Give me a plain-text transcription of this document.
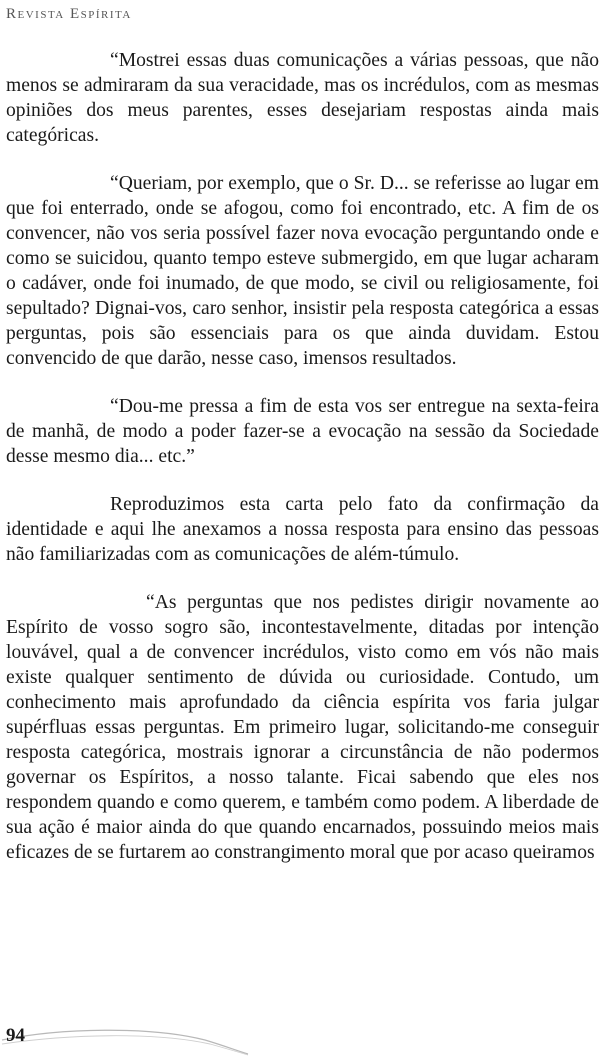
Revista Espírita

“Mostrei essas duas comunicações a várias pessoas, que não menos se admiraram da sua veracidade, mas os incrédulos, com as mesmas opiniões dos meus parentes, esses desejariam respostas ainda mais categóricas.

“Queriam, por exemplo, que o Sr. D... se referisse ao lugar em que foi enterrado, onde se afogou, como foi encontrado, etc. A fim de os convencer, não vos seria possível fazer nova evocação perguntando onde e como se suicidou, quanto tempo esteve submergido, em que lugar acharam o cadáver, onde foi inumado, de que modo, se civil ou religiosamente, foi sepultado? Dignai-vos, caro senhor, insistir pela resposta categórica a essas perguntas, pois são essenciais para os que ainda duvidam. Estou convencido de que darão, nesse caso, imensos resultados.

“Dou-me pressa a fim de esta vos ser entregue na sexta-feira de manhã, de modo a poder fazer-se a evocação na sessão da Sociedade desse mesmo dia... etc.”

Reproduzimos esta carta pelo fato da confirmação da identidade e aqui lhe anexamos a nossa resposta para ensino das pessoas não familiarizadas com as comunicações de além-túmulo.

“As perguntas que nos pedistes dirigir novamente ao Espírito de vosso sogro são, incontestavelmente, ditadas por intenção louvável, qual a de convencer incrédulos, visto como em vós não mais existe qualquer sentimento de dúvida ou curiosidade. Contudo, um conhecimento mais aprofundado da ciência espírita vos faria julgar supérfluas essas perguntas. Em primeiro lugar, solicitando-me conseguir resposta categórica, mostrais ignorar a circunstância de não podermos governar os Espíritos, a nosso talante. Ficai sabendo que eles nos respondem quando e como querem, e também como podem. A liberdade de sua ação é maior ainda do que quando encarnados, possuindo meios mais eficazes de se furtarem ao constrangimento moral que por acaso queiramos

94
